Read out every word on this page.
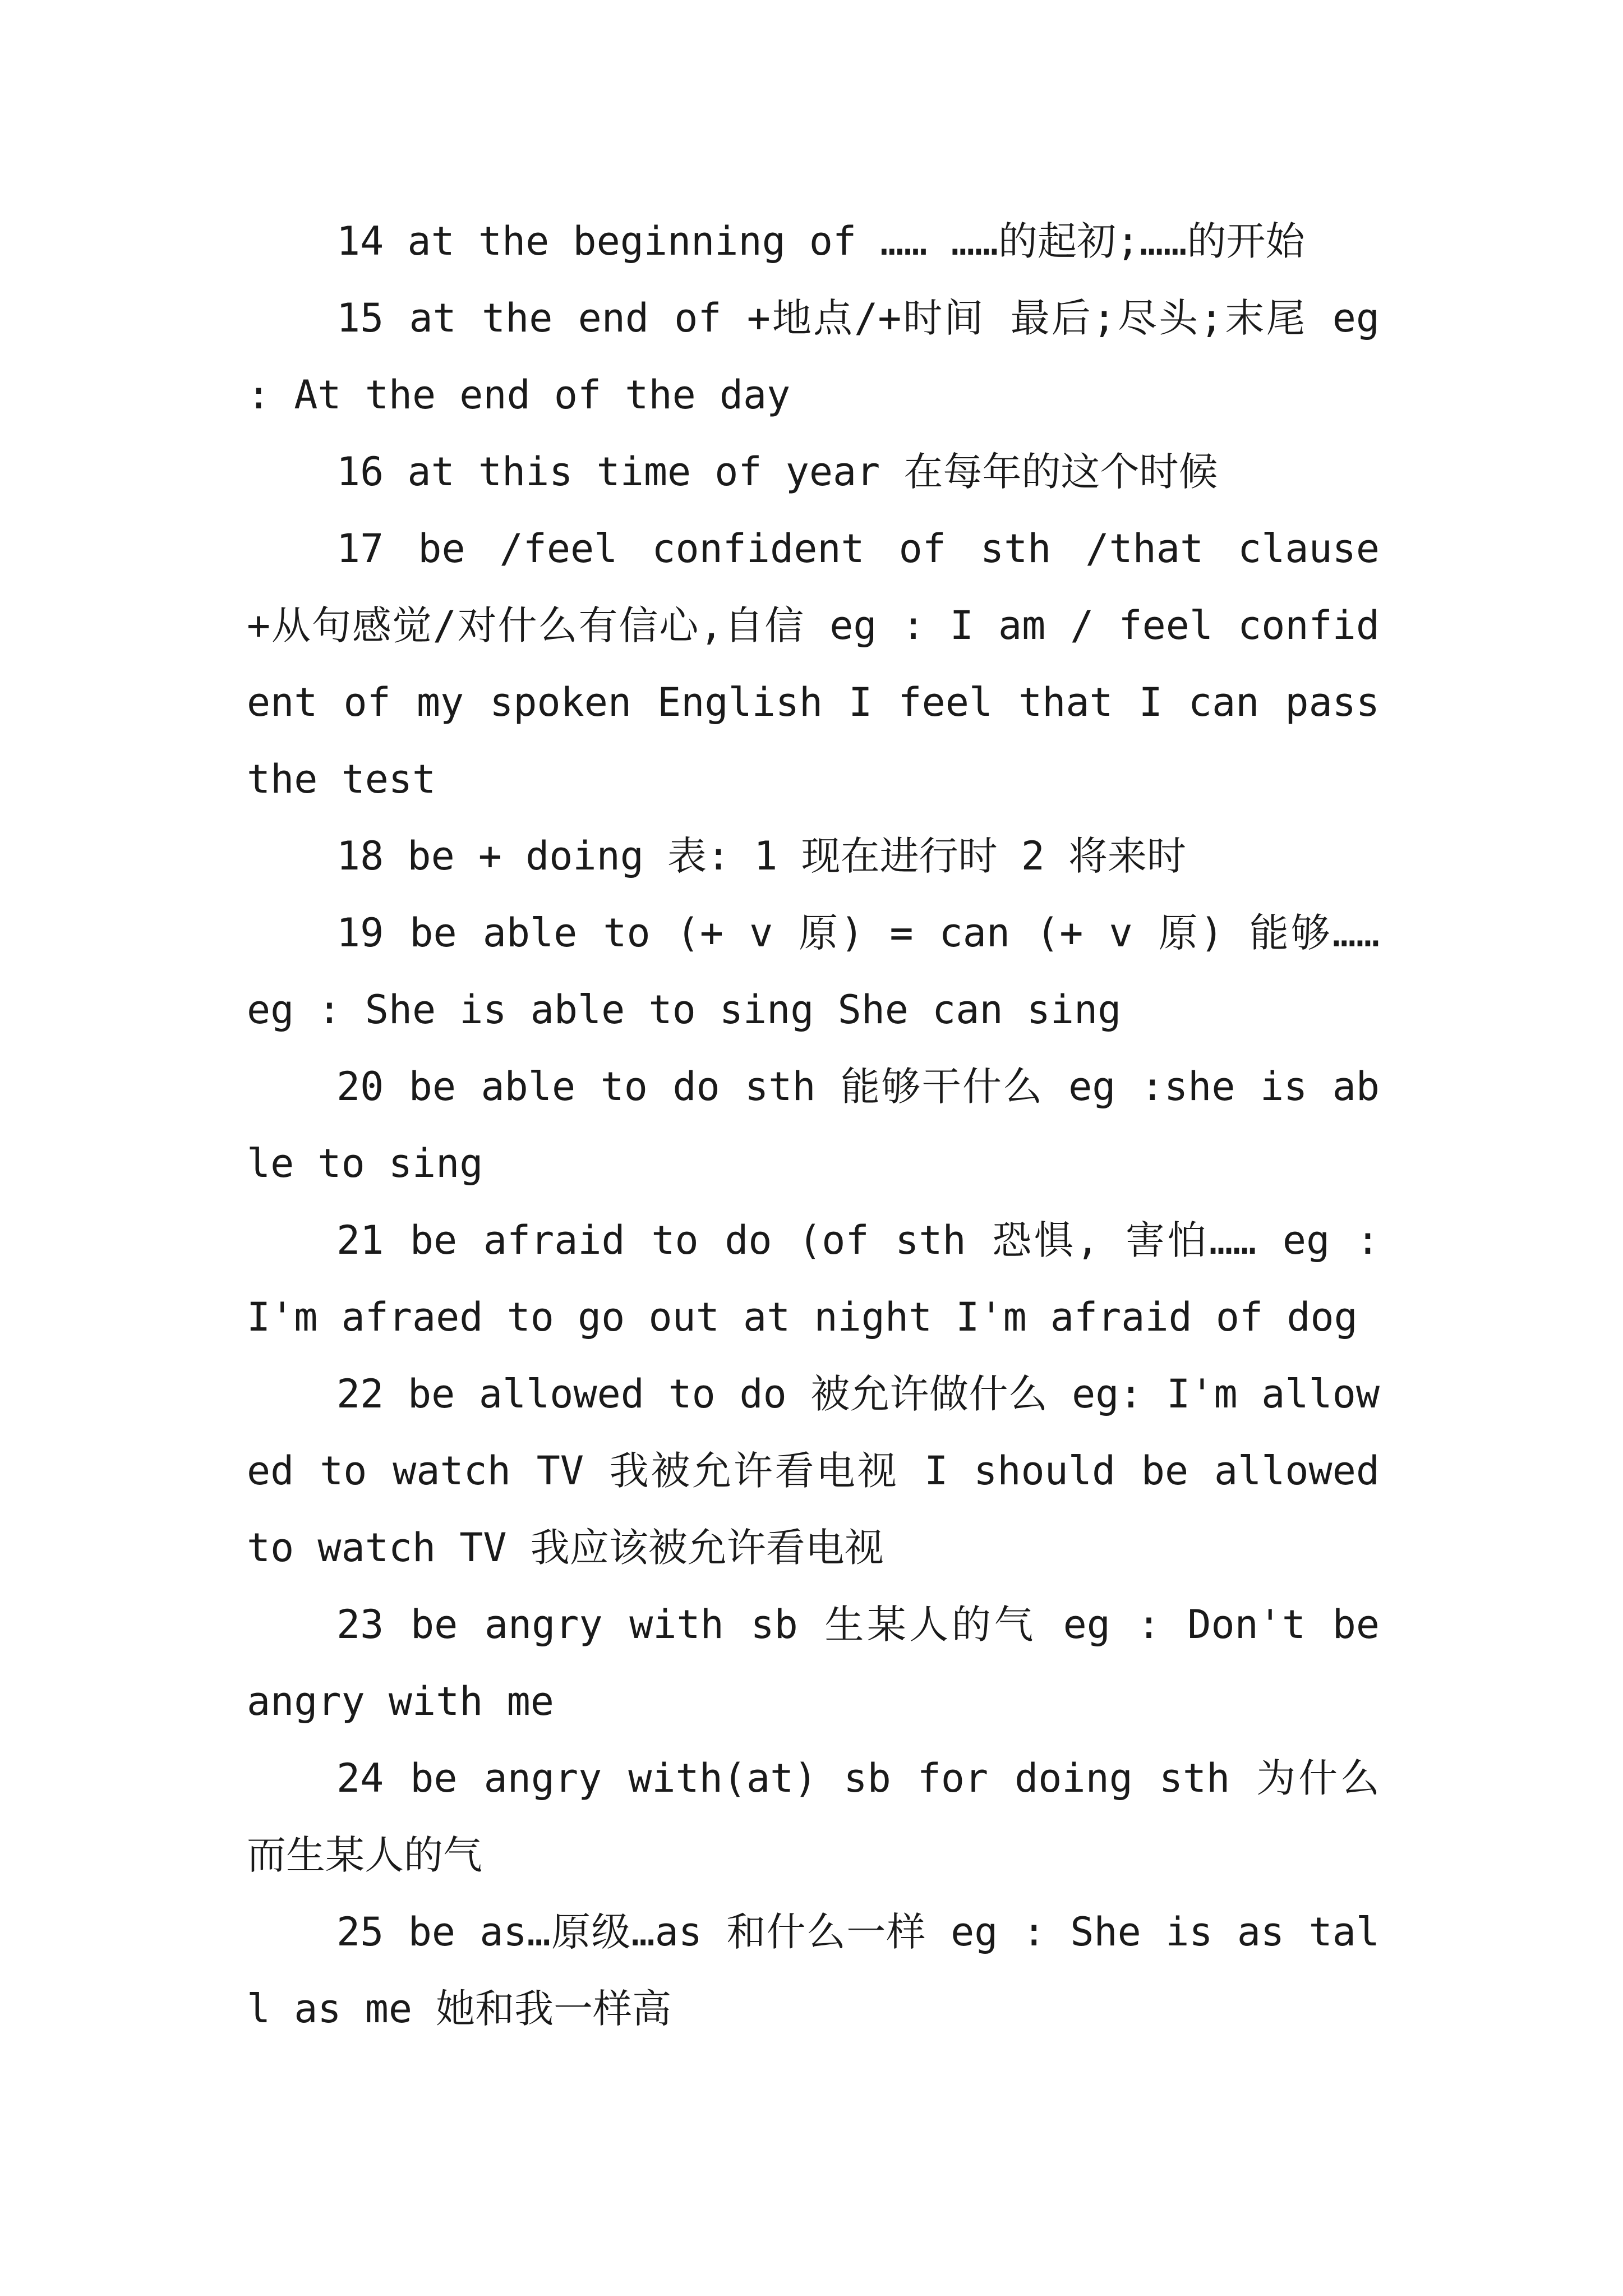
14 at the beginning of …… ……的起初;……的开始

15 at the end of +地点/+时间 最后;尽头;末尾 eg : At the end of the day

16 at this time of year 在每年的这个时候

17 be /feel confident of sth /that clause +从句感觉/对什么有信心,自信 eg : I am / feel confident of my spoken English I feel that I can pass the test

18 be + doing 表: 1 现在进行时 2 将来时

19 be able to (+ v 原) = can (+ v 原) 能够…… eg : She is able to sing She can sing

20 be able to do sth 能够干什么 eg :she is able to sing

21 be afraid to do (of sth 恐惧, 害怕…… eg : I'm afraed to go out at night I'm afraid of dog

22 be allowed to do 被允许做什么 eg: I'm allowed to watch TV 我被允许看电视 I should be allowed to watch TV 我应该被允许看电视

23 be angry with sb 生某人的气 eg : Don't be angry with me

24 be angry with(at) sb for doing sth 为什么而生某人的气

25 be as…原级…as 和什么一样 eg : She is as tall as me 她和我一样高
